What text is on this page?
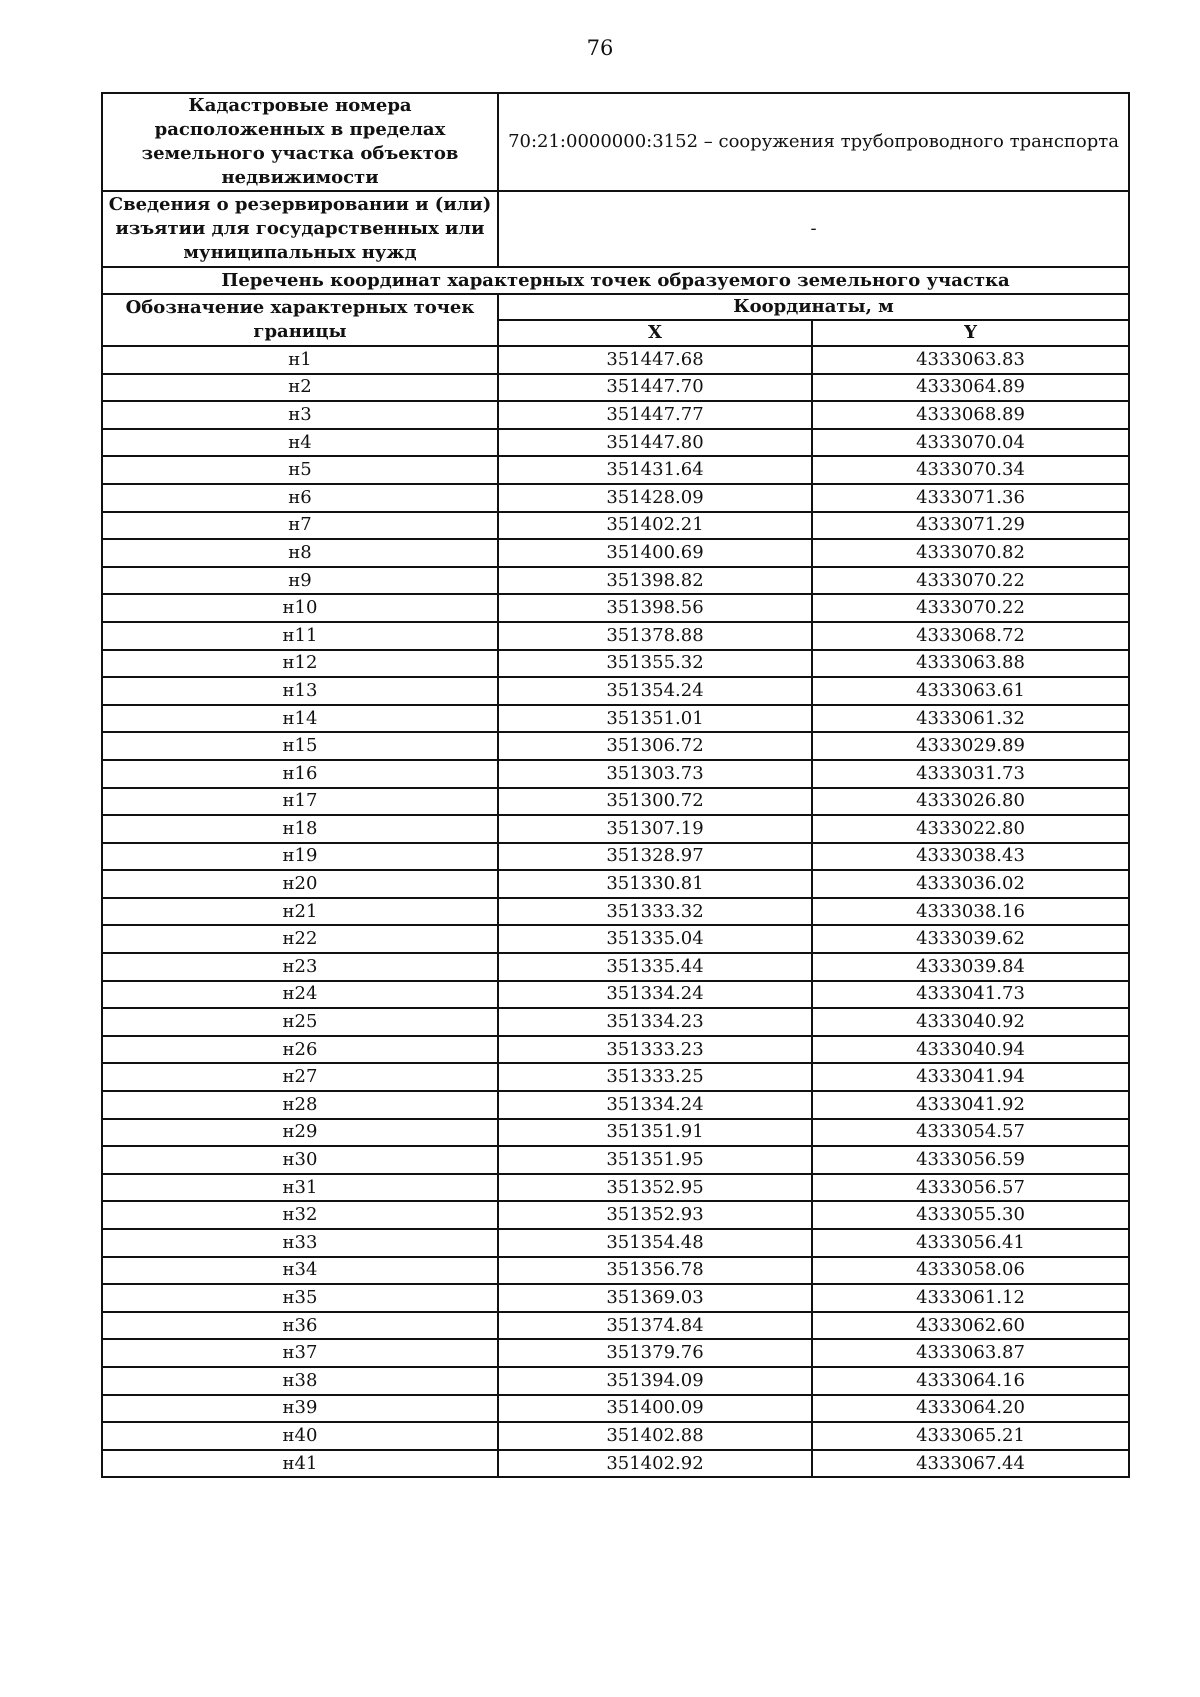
76
Кадастровые номера расположенных в пределах земельного участка объектов недвижимости	70:21:0000000:3152 – сооружения трубопроводного транспорта	
Сведения о резервировании и (или) изъятии для государственных или муниципальных нужд	-	
Перечень координат характерных точек образуемого земельного участка		
Обозначение характерных точек границы	Координаты, м	
	X	Y
н1	351447.68	4333063.83
н2	351447.70	4333064.89
н3	351447.77	4333068.89
н4	351447.80	4333070.04
н5	351431.64	4333070.34
н6	351428.09	4333071.36
н7	351402.21	4333071.29
н8	351400.69	4333070.82
н9	351398.82	4333070.22
н10	351398.56	4333070.22
н11	351378.88	4333068.72
н12	351355.32	4333063.88
н13	351354.24	4333063.61
н14	351351.01	4333061.32
н15	351306.72	4333029.89
н16	351303.73	4333031.73
н17	351300.72	4333026.80
н18	351307.19	4333022.80
н19	351328.97	4333038.43
н20	351330.81	4333036.02
н21	351333.32	4333038.16
н22	351335.04	4333039.62
н23	351335.44	4333039.84
н24	351334.24	4333041.73
н25	351334.23	4333040.92
н26	351333.23	4333040.94
н27	351333.25	4333041.94
н28	351334.24	4333041.92
н29	351351.91	4333054.57
н30	351351.95	4333056.59
н31	351352.95	4333056.57
н32	351352.93	4333055.30
н33	351354.48	4333056.41
н34	351356.78	4333058.06
н35	351369.03	4333061.12
н36	351374.84	4333062.60
н37	351379.76	4333063.87
н38	351394.09	4333064.16
н39	351400.09	4333064.20
н40	351402.88	4333065.21
н41	351402.92	4333067.44
